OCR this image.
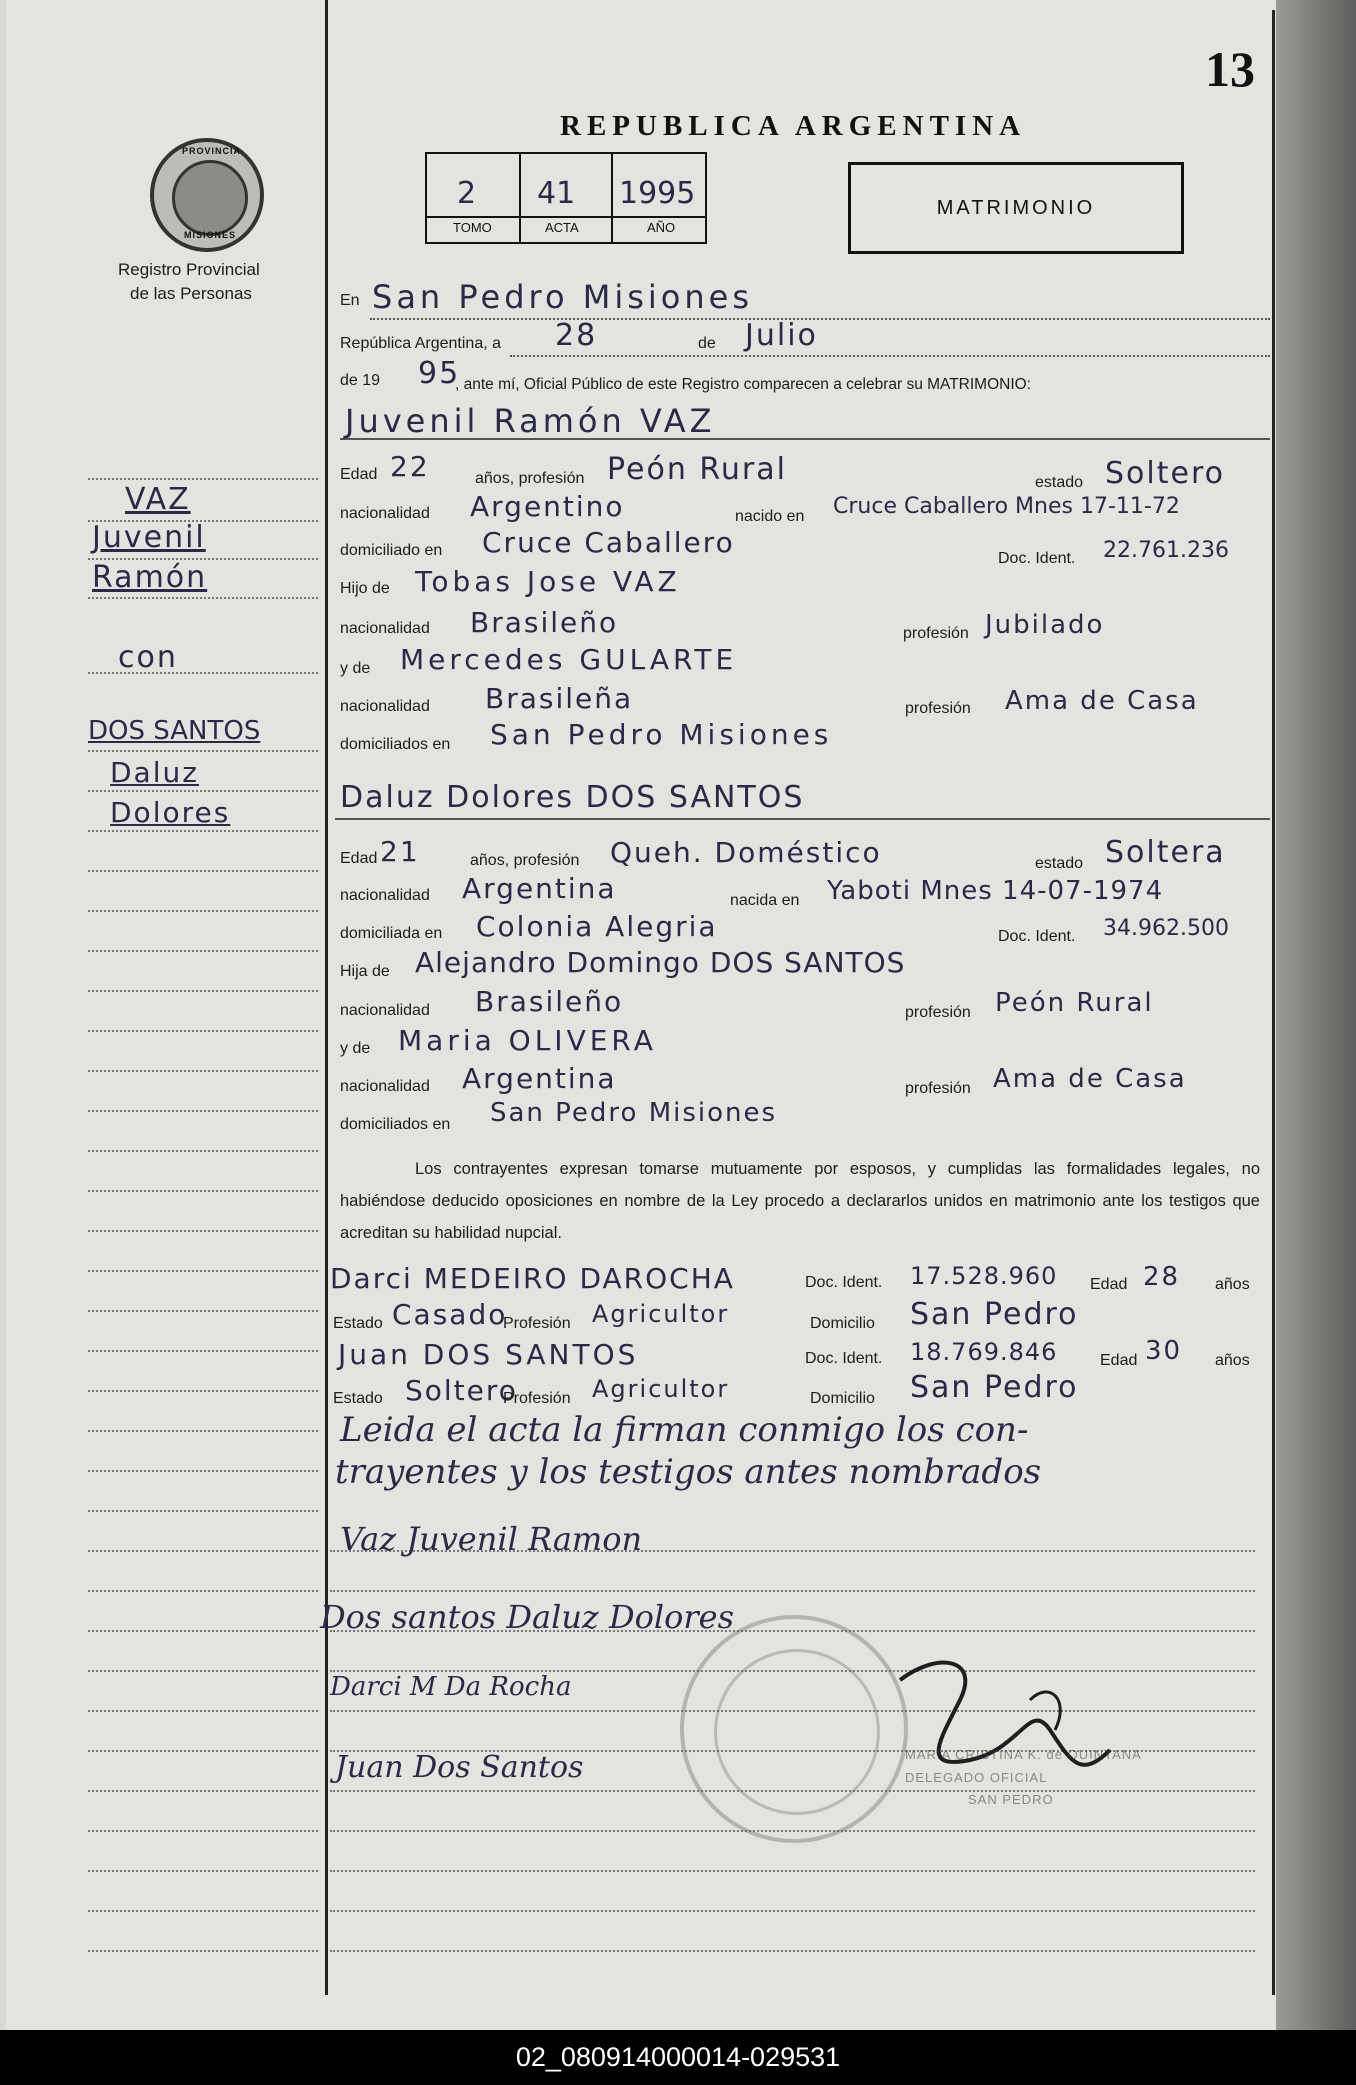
13
REPUBLICA ARGENTINA
MATRIMONIO
PROVINCIA
MISIONES
Registro Provincial
de las Personas
2 41 1995
TOMO	ACTA	AÑO
VAZ
Juvenil
Ramón
con
DOS SANTOS
Daluz
Dolores
En San Pedro Misiones
República Argentina, a 28	de Julio
de 19 95
, ante mí, Oficial Público de este Registro comparecen a celebrar su MATRIMONIO:
Juvenil Ramón VAZ
Edad 22	años, profesión Peón Rural	estado Soltero
nacionalidad Argentino	nacido en Cruce Caballero Mnes 17-11-72
domiciliado en Cruce Caballero	Doc. Ident. 22.761.236
Hijo de Tobas Jose VAZ
nacionalidad Brasileño	profesión Jubilado
y de Mercedes GULARTE
nacionalidad Brasileña	profesión Ama de Casa
domiciliados en San Pedro Misiones
Daluz Dolores DOS SANTOS
Edad 21	años, profesión Queh. Doméstico	estado Soltera
nacionalidad Argentina	nacida en Yaboti Mnes 14-07-1974
domiciliada en Colonia Alegria	Doc. Ident. 34.962.500
Hija de Alejandro Domingo DOS SANTOS
nacionalidad Brasileño	profesión Peón Rural
y de Maria OLIVERA
nacionalidad Argentina	profesión Ama de Casa
domiciliados en San Pedro Misiones
Los contrayentes expresan tomarse mutuamente por esposos, y cumplidas las formalidades legales, no habiéndose deducido oposiciones en nombre de la Ley procedo a declararlos unidos en matrimonio ante los testigos que acreditan su habilidad nupcial.
Darci MEDEIRO DAROCHA	Doc. Ident. 17.528.960 Edad 28 años
Estado Casado
Profesión Agricultor	Domicilio San Pedro
Juan DOS SANTOS	Doc. Ident. 18.769.846	Edad 30 años
Estado Soltero
Profesión Agricultor	Domicilio San Pedro
Leida el acta la firman conmigo los con-
trayentes y los testigos antes nombrados
Vaz Juvenil Ramon
Dos santos Daluz Dolores
Darci M Da Rocha
Juan Dos Santos	MARIA CRISTINA K. de QUINTANA
DELEGADO OFICIAL
SAN PEDRO
02_080914000014-029531
